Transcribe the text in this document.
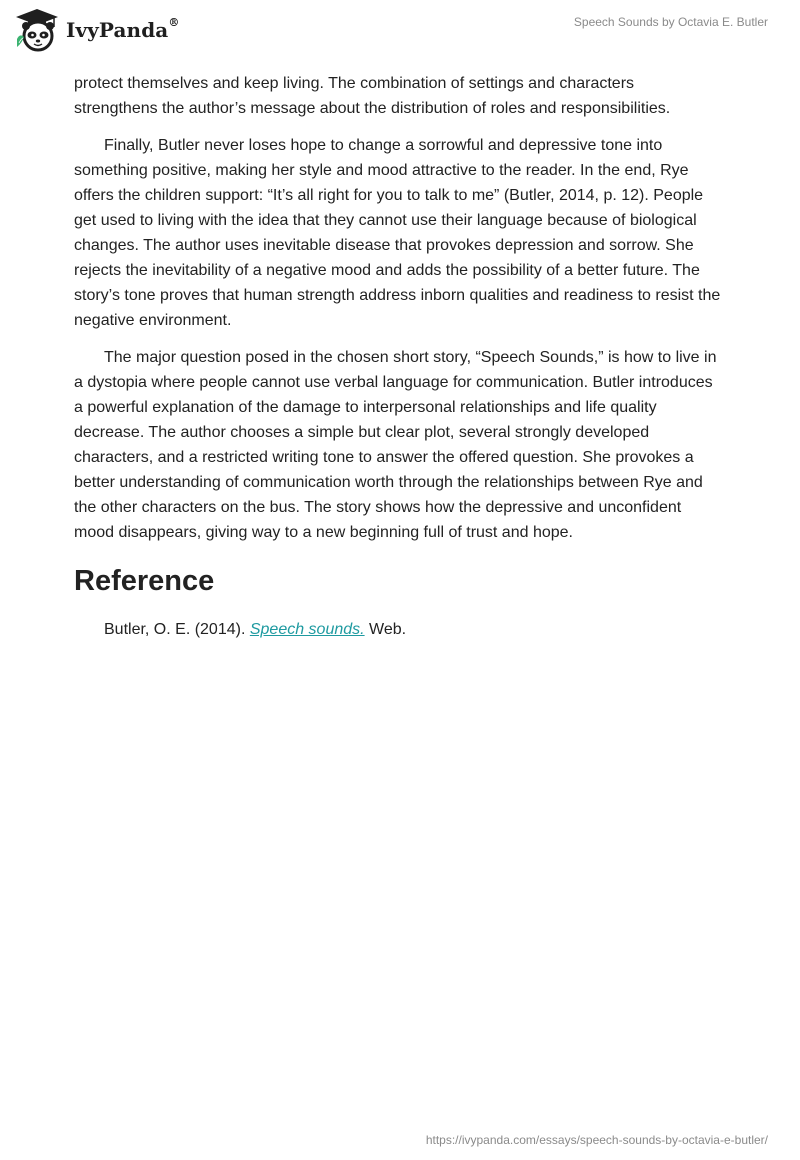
IvyPanda®	Speech Sounds by Octavia E. Butler

protect themselves and keep living. The combination of settings and characters strengthens the author’s message about the distribution of roles and responsibilities.

Finally, Butler never loses hope to change a sorrowful and depressive tone into something positive, making her style and mood attractive to the reader. In the end, Rye offers the children support: “It’s all right for you to talk to me” (Butler, 2014, p. 12). People get used to living with the idea that they cannot use their language because of biological changes. The author uses inevitable disease that provokes depression and sorrow. She rejects the inevitability of a negative mood and adds the possibility of a better future. The story’s tone proves that human strength address inborn qualities and readiness to resist the negative environment.

The major question posed in the chosen short story, “Speech Sounds,” is how to live in a dystopia where people cannot use verbal language for communication. Butler introduces a powerful explanation of the damage to interpersonal relationships and life quality decrease. The author chooses a simple but clear plot, several strongly developed characters, and a restricted writing tone to answer the offered question. She provokes a better understanding of communication worth through the relationships between Rye and the other characters on the bus. The story shows how the depressive and unconfident mood disappears, giving way to a new beginning full of trust and hope.

Reference
Butler, O. E. (2014). Speech sounds. Web.
https://ivypanda.com/essays/speech-sounds-by-octavia-e-butler/
